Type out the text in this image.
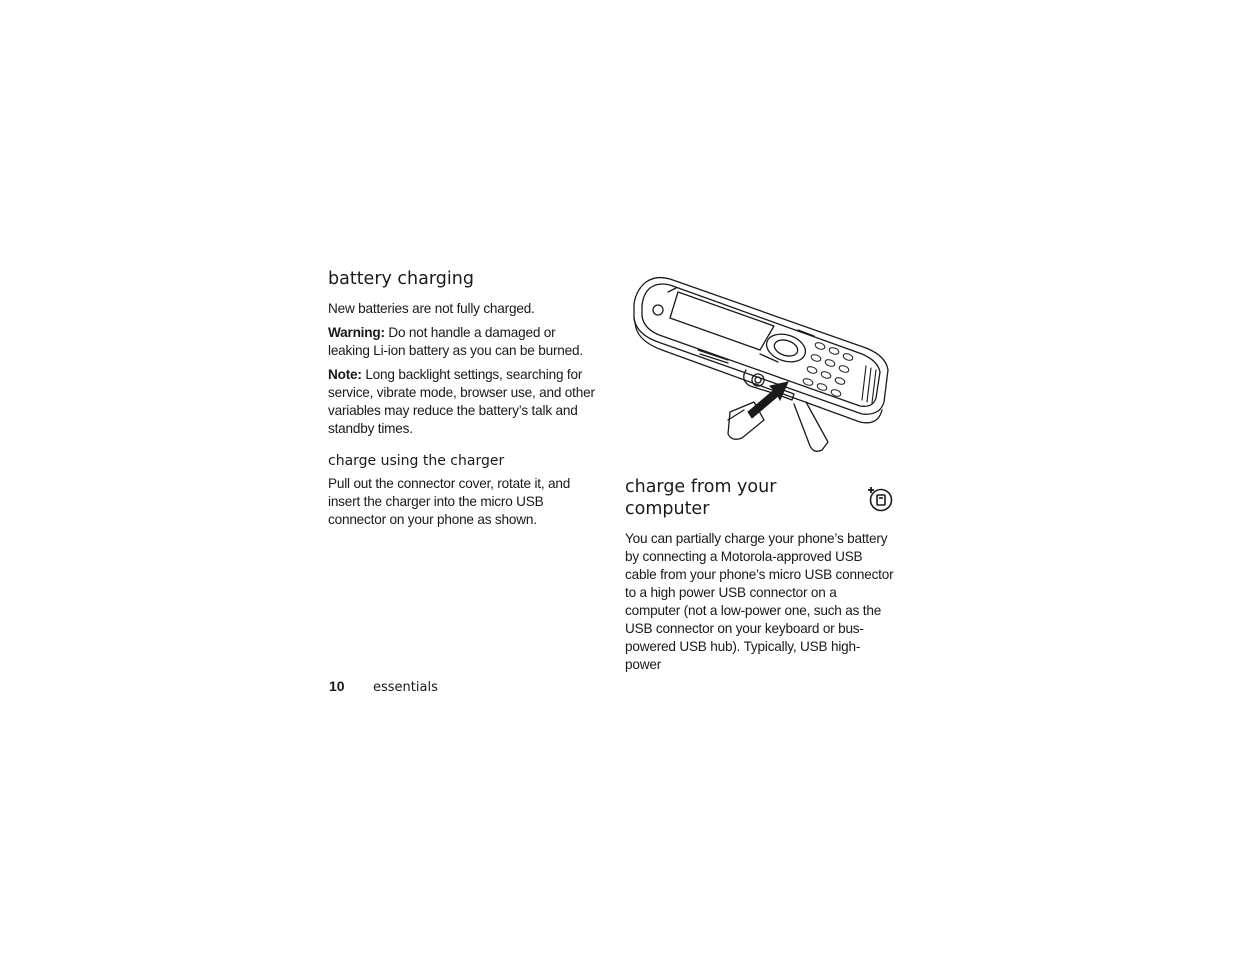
battery charging

New batteries are not fully charged.

Warning: Do not handle a damaged or leaking Li-ion battery as you can be burned.

Note: Long backlight settings, searching for service, vibrate mode, browser use, and other variables may reduce the battery’s talk and standby times.

charge using the charger

Pull out the connector cover, rotate it, and insert the charger into the micro USB connector on your phone as shown.

charge from your computer

You can partially charge your phone’s battery by connecting a Motorola-approved USB cable from your phone’s micro USB connector to a high power USB connector on a computer (not a low-power one, such as the USB connector on your keyboard or bus-powered USB hub). Typically, USB high-power

10 essentials
